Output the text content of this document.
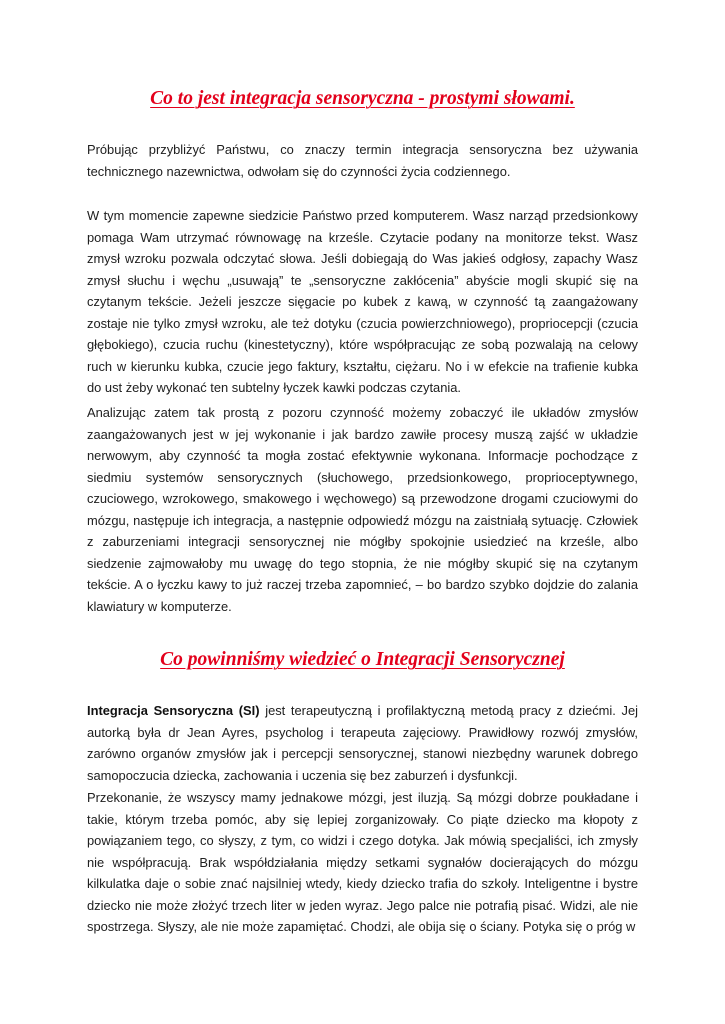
Co to jest integracja sensoryczna - prostymi słowami.

Próbując przybliżyć Państwu, co znaczy termin integracja sensoryczna bez używania technicznego nazewnictwa, odwołam się do czynności życia codziennego.

W tym momencie zapewne siedzicie Państwo przed komputerem. Wasz narząd przedsionkowy pomaga Wam utrzymać równowagę na krześle. Czytacie podany na monitorze tekst. Wasz zmysł wzroku pozwala odczytać słowa. Jeśli dobiegają do Was jakieś odgłosy, zapachy Wasz zmysł słuchu i węchu „usuwają” te „sensoryczne zakłócenia” abyście mogli skupić się na czytanym tekście. Jeżeli jeszcze sięgacie po kubek z kawą, w czynność tą zaangażowany zostaje nie tylko zmysł wzroku, ale też dotyku (czucia powierzchniowego), propriocepcji (czucia głębokiego), czucia ruchu (kinestetyczny), które współpracując ze sobą pozwalają na celowy ruch w kierunku kubka, czucie jego faktury, kształtu, ciężaru. No i w efekcie na trafienie kubka do ust żeby wykonać ten subtelny łyczek kawki podczas czytania.

Analizując zatem tak prostą z pozoru czynność możemy zobaczyć ile układów zmysłów zaangażowanych jest w jej wykonanie i jak bardzo zawiłe procesy muszą zajść w układzie nerwowym, aby czynność ta mogła zostać efektywnie wykonana. Informacje pochodzące z siedmiu systemów sensorycznych (słuchowego, przedsionkowego, proprioceptywnego, czuciowego, wzrokowego, smakowego i węchowego) są przewodzone drogami czuciowymi do mózgu, następuje ich integracja, a następnie odpowiedź mózgu na zaistniałą sytuację. Człowiek z zaburzeniami integracji sensorycznej nie mógłby spokojnie usiedzieć na krześle, albo siedzenie zajmowałoby mu uwagę do tego stopnia, że nie mógłby skupić się na czytanym tekście. A o łyczku kawy to już raczej trzeba zapomnieć, – bo bardzo szybko dojdzie do zalania klawiatury w komputerze.

Co powinniśmy wiedzieć o Integracji Sensorycznej

Integracja Sensoryczna (SI) jest terapeutyczną i profilaktyczną metodą pracy z dziećmi. Jej autorką była dr Jean Ayres, psycholog i terapeuta zajęciowy. Prawidłowy rozwój zmysłów, zarówno organów zmysłów jak i percepcji sensorycznej, stanowi niezbędny warunek dobrego samopoczucia dziecka, zachowania i uczenia się bez zaburzeń i dysfunkcji.

Przekonanie, że wszyscy mamy jednakowe mózgi, jest iluzją. Są mózgi dobrze poukładane i takie, którym trzeba pomóc, aby się lepiej zorganizowały. Co piąte dziecko ma kłopoty z powiązaniem tego, co słyszy, z tym, co widzi i czego dotyka. Jak mówią specjaliści, ich zmysły nie współpracują. Brak współdziałania między setkami sygnałów docierających do mózgu kilkulatka daje o sobie znać najsilniej wtedy, kiedy dziecko trafia do szkoły. Inteligentne i bystre dziecko nie może złożyć trzech liter w jeden wyraz. Jego palce nie potrafią pisać. Widzi, ale nie spostrzega. Słyszy, ale nie może zapamiętać. Chodzi, ale obija się o ściany. Potyka się o próg w
